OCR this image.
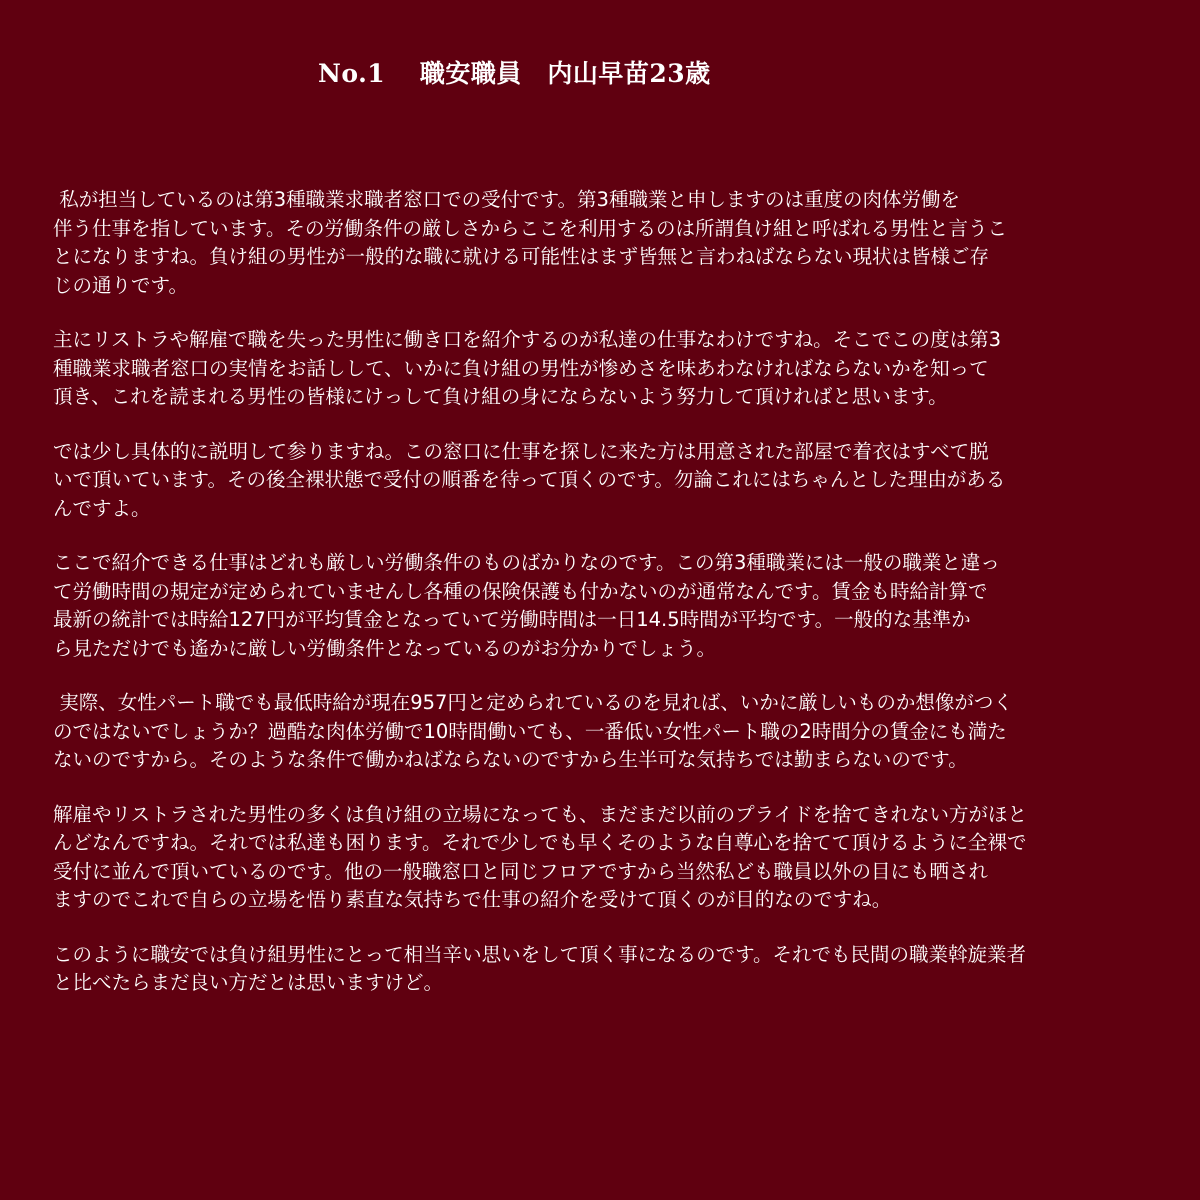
No.1　 職安職員　内山早苗23歳

私が担当しているのは第3種職業求職者窓口での受付です。第3種職業と申しますのは重度の肉体労働を
伴う仕事を指しています。その労働条件の厳しさからここを利用するのは所謂負け組と呼ばれる男性と言うこ
とになりますね。負け組の男性が一般的な職に就ける可能性はまず皆無と言わねばならない現状は皆様ご存
じの通りです。

主にリストラや解雇で職を失った男性に働き口を紹介するのが私達の仕事なわけですね。そこでこの度は第3
種職業求職者窓口の実情をお話しして、いかに負け組の男性が惨めさを味あわなければならないかを知って
頂き、これを読まれる男性の皆様にけっして負け組の身にならないよう努力して頂ければと思います。

では少し具体的に説明して参りますね。この窓口に仕事を探しに来た方は用意された部屋で着衣はすべて脱
いで頂いています。その後全裸状態で受付の順番を待って頂くのです。勿論これにはちゃんとした理由がある
んですよ。

ここで紹介できる仕事はどれも厳しい労働条件のものばかりなのです。この第3種職業には一般の職業と違っ
て労働時間の規定が定められていませんし各種の保険保護も付かないのが通常なんです。賃金も時給計算で
最新の統計では時給127円が平均賃金となっていて労働時間は一日14.5時間が平均です。一般的な基準か
ら見ただけでも遙かに厳しい労働条件となっているのがお分かりでしょう。

実際、女性パート職でも最低時給が現在957円と定められているのを見れば、いかに厳しいものか想像がつく
のではないでしょうか？過酷な肉体労働で10時間働いても、一番低い女性パート職の2時間分の賃金にも満た
ないのですから。そのような条件で働かねばならないのですから生半可な気持ちでは勤まらないのです。

解雇やリストラされた男性の多くは負け組の立場になっても、まだまだ以前のプライドを捨てきれない方がほと
んどなんですね。それでは私達も困ります。それで少しでも早くそのような自尊心を捨てて頂けるように全裸で
受付に並んで頂いているのです。他の一般職窓口と同じフロアですから当然私ども職員以外の目にも晒され
ますのでこれで自らの立場を悟り素直な気持ちで仕事の紹介を受けて頂くのが目的なのですね。

このように職安では負け組男性にとって相当辛い思いをして頂く事になるのです。それでも民間の職業斡旋業者
と比べたらまだ良い方だとは思いますけど。
